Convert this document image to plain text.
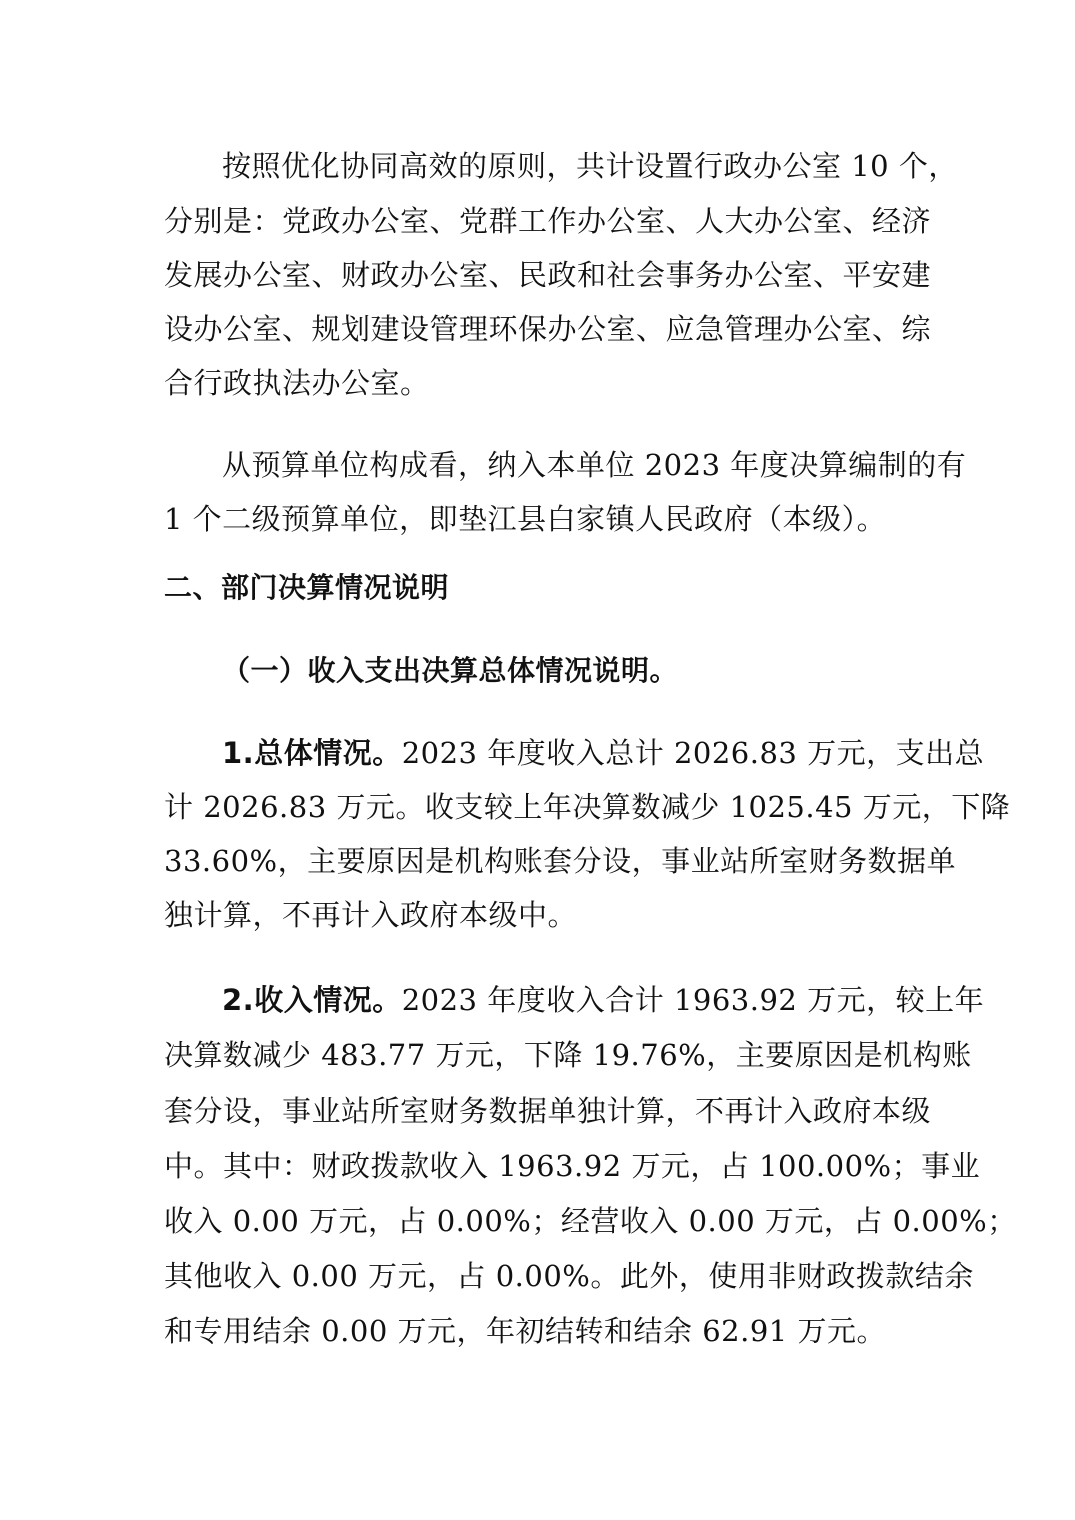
按照优化协同高效的原则，共计设置行政办公室 10 个，
分别是：党政办公室、党群工作办公室、人大办公室、经济
发展办公室、财政办公室、民政和社会事务办公室、平安建
设办公室、规划建设管理环保办公室、应急管理办公室、综
合行政执法办公室。
从预算单位构成看，纳入本单位 2023 年度决算编制的有
1 个二级预算单位，即垫江县白家镇人民政府（本级）。
二、部门决算情况说明
（一）收入支出决算总体情况说明。
1.总体情况。2023 年度收入总计 2026.83 万元，支出总
计 2026.83 万元。收支较上年决算数减少 1025.45 万元，下降
33.60%，主要原因是机构账套分设，事业站所室财务数据单
独计算，不再计入政府本级中。
2.收入情况。2023 年度收入合计 1963.92 万元，较上年
决算数减少 483.77 万元，下降 19.76%，主要原因是机构账
套分设，事业站所室财务数据单独计算，不再计入政府本级
中。其中：财政拨款收入 1963.92 万元，占 100.00%；事业
收入 0.00 万元，占 0.00%；经营收入 0.00 万元，占 0.00%；
其他收入 0.00 万元，占 0.00%。此外，使用非财政拨款结余
和专用结余 0.00 万元，年初结转和结余 62.91 万元。
